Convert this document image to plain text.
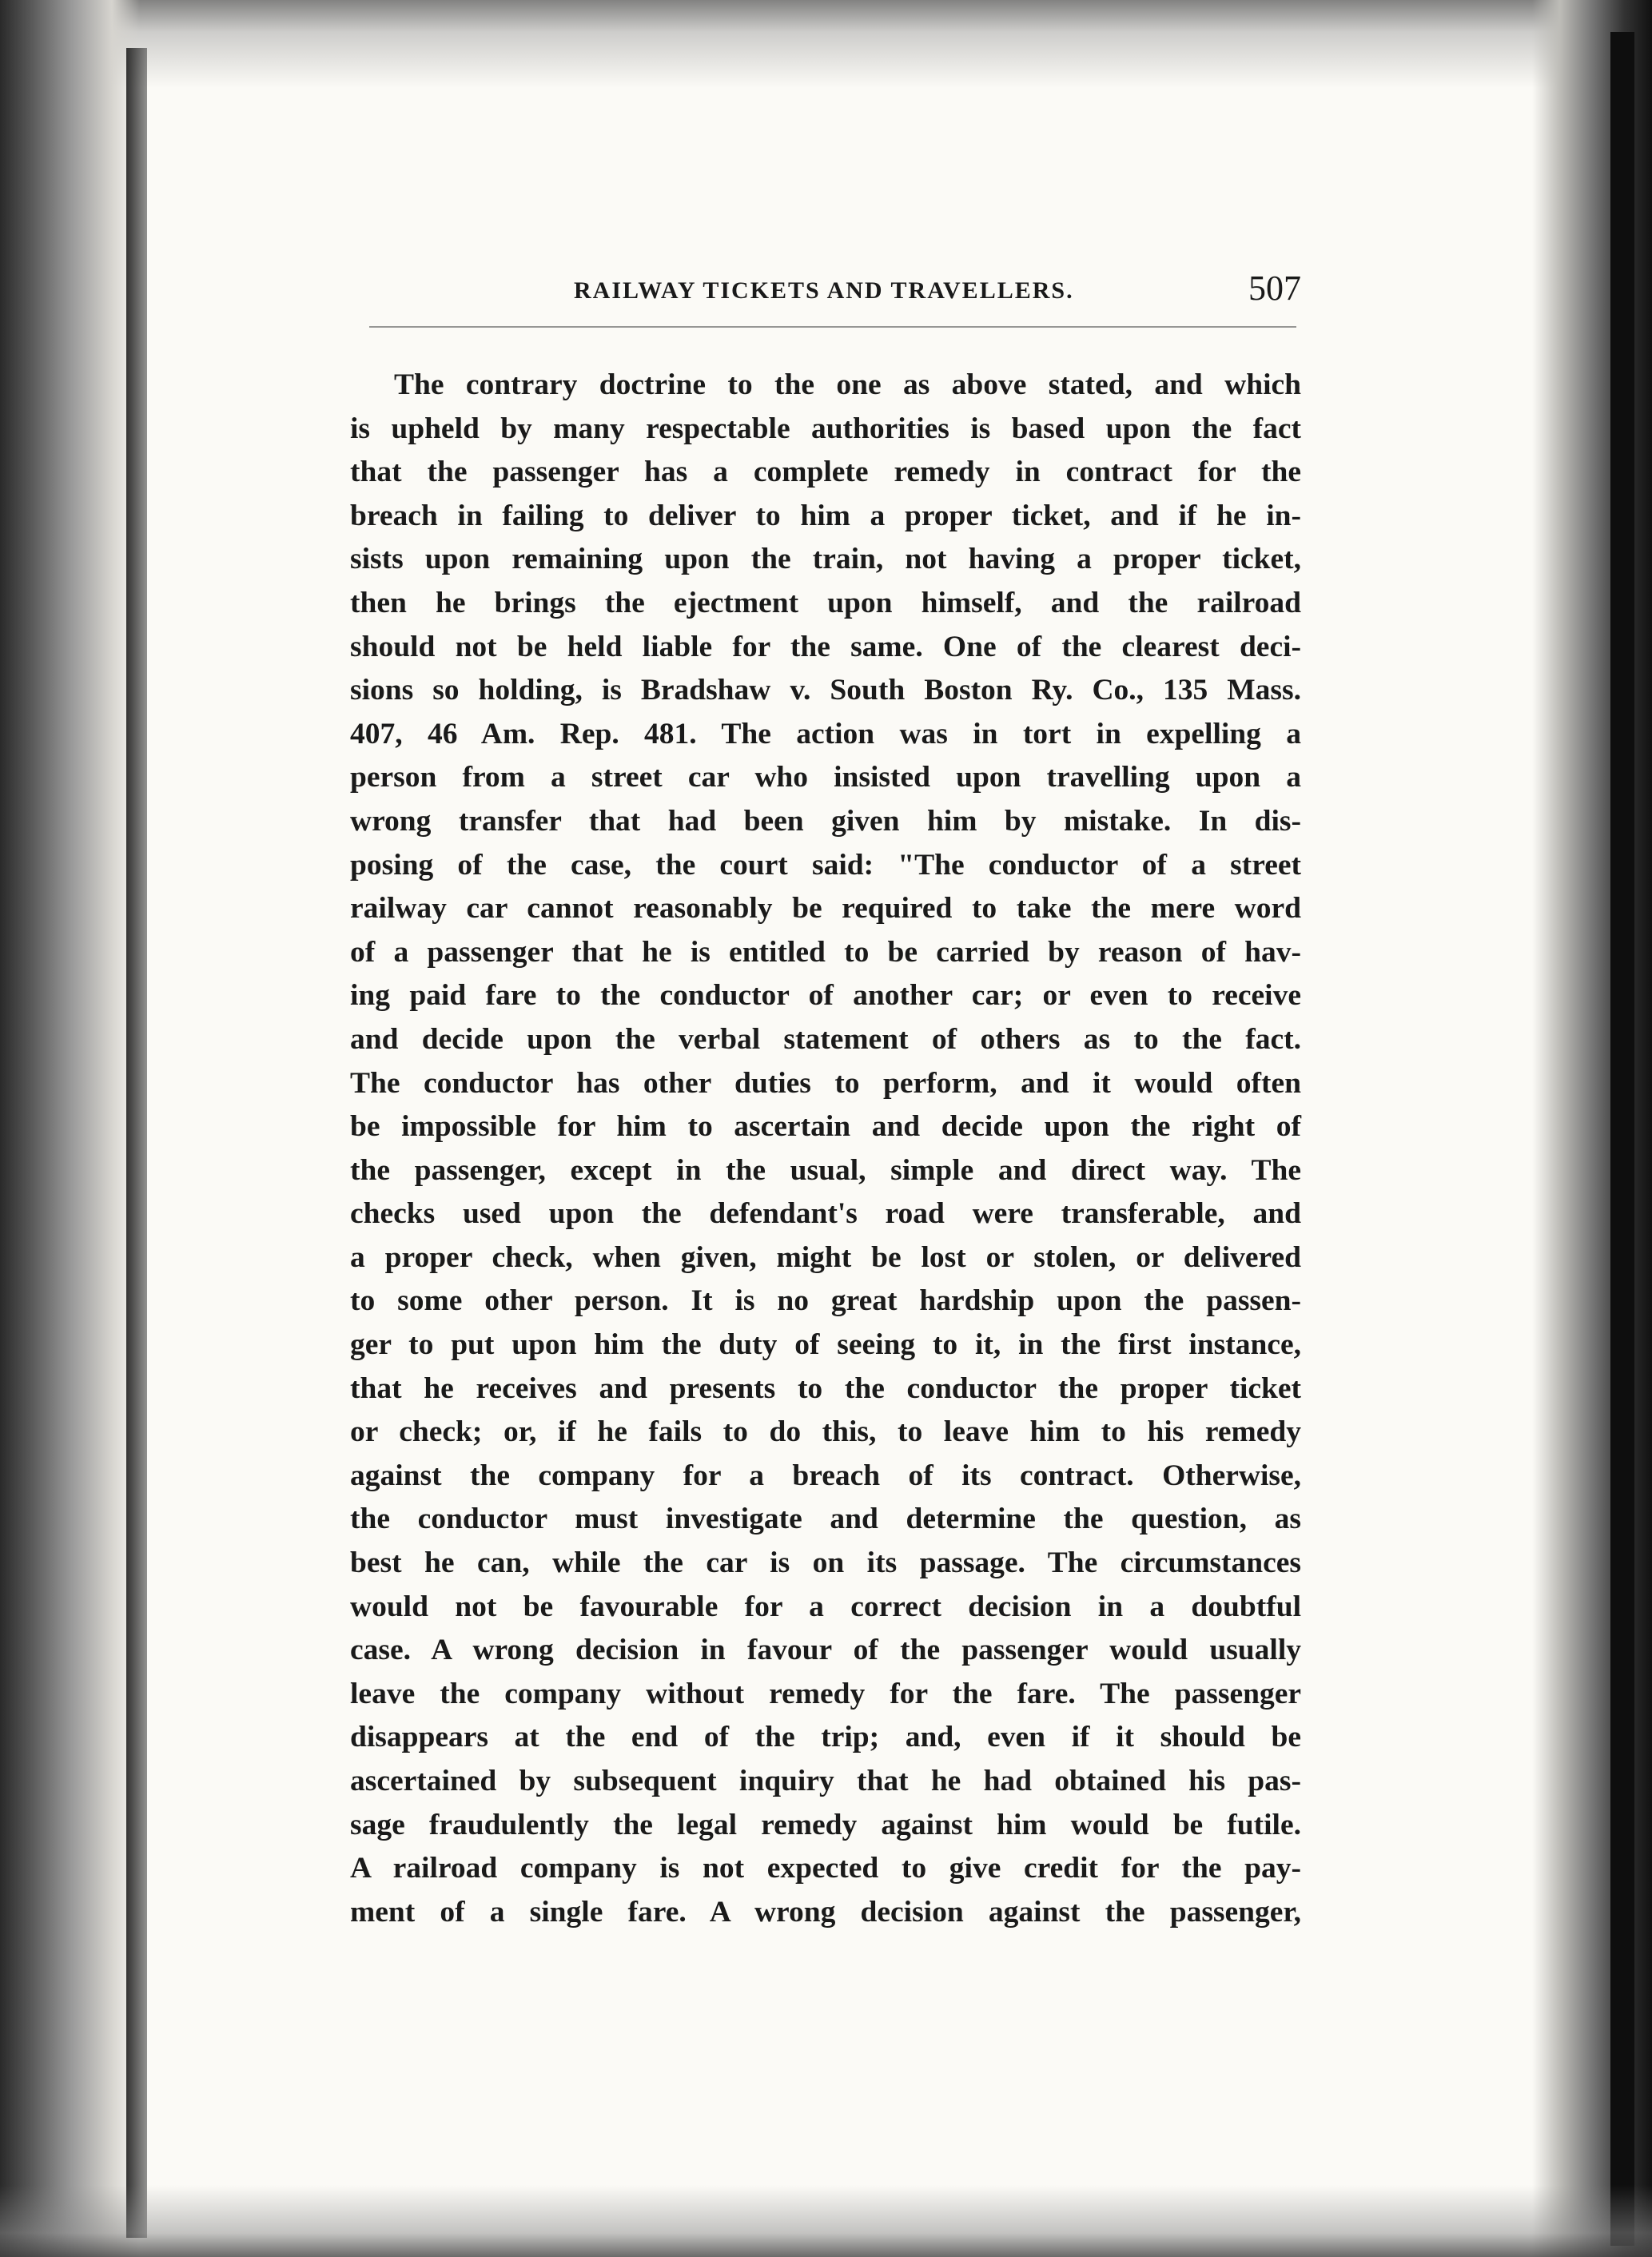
RAILWAY TICKETS AND TRAVELLERS.	507
The contrary doctrine to the one as above stated, and which
is upheld by many respectable authorities is based upon the fact
that the passenger has a complete remedy in contract for the
breach in failing to deliver to him a proper ticket, and if he in-
sists upon remaining upon the train, not having a proper ticket,
then he brings the ejectment upon himself, and the railroad
should not be held liable for the same. One of the clearest deci-
sions so holding, is Bradshaw v. South Boston Ry. Co., 135 Mass.
407, 46 Am. Rep. 481. The action was in tort in expelling a
person from a street car who insisted upon travelling upon a
wrong transfer that had been given him by mistake. In dis-
posing of the case, the court said: "The conductor of a street
railway car cannot reasonably be required to take the mere word
of a passenger that he is entitled to be carried by reason of hav-
ing paid fare to the conductor of another car; or even to receive
and decide upon the verbal statement of others as to the fact.
The conductor has other duties to perform, and it would often
be impossible for him to ascertain and decide upon the right of
the passenger, except in the usual, simple and direct way. The
checks used upon the defendant's road were transferable, and
a proper check, when given, might be lost or stolen, or delivered
to some other person. It is no great hardship upon the passen-
ger to put upon him the duty of seeing to it, in the first instance,
that he receives and presents to the conductor the proper ticket
or check; or, if he fails to do this, to leave him to his remedy
against the company for a breach of its contract. Otherwise,
the conductor must investigate and determine the question, as
best he can, while the car is on its passage. The circumstances
would not be favourable for a correct decision in a doubtful
case. A wrong decision in favour of the passenger would usually
leave the company without remedy for the fare. The passenger
disappears at the end of the trip; and, even if it should be
ascertained by subsequent inquiry that he had obtained his pas-
sage fraudulently the legal remedy against him would be futile.
A railroad company is not expected to give credit for the pay-
ment of a single fare. A wrong decision against the passenger,
